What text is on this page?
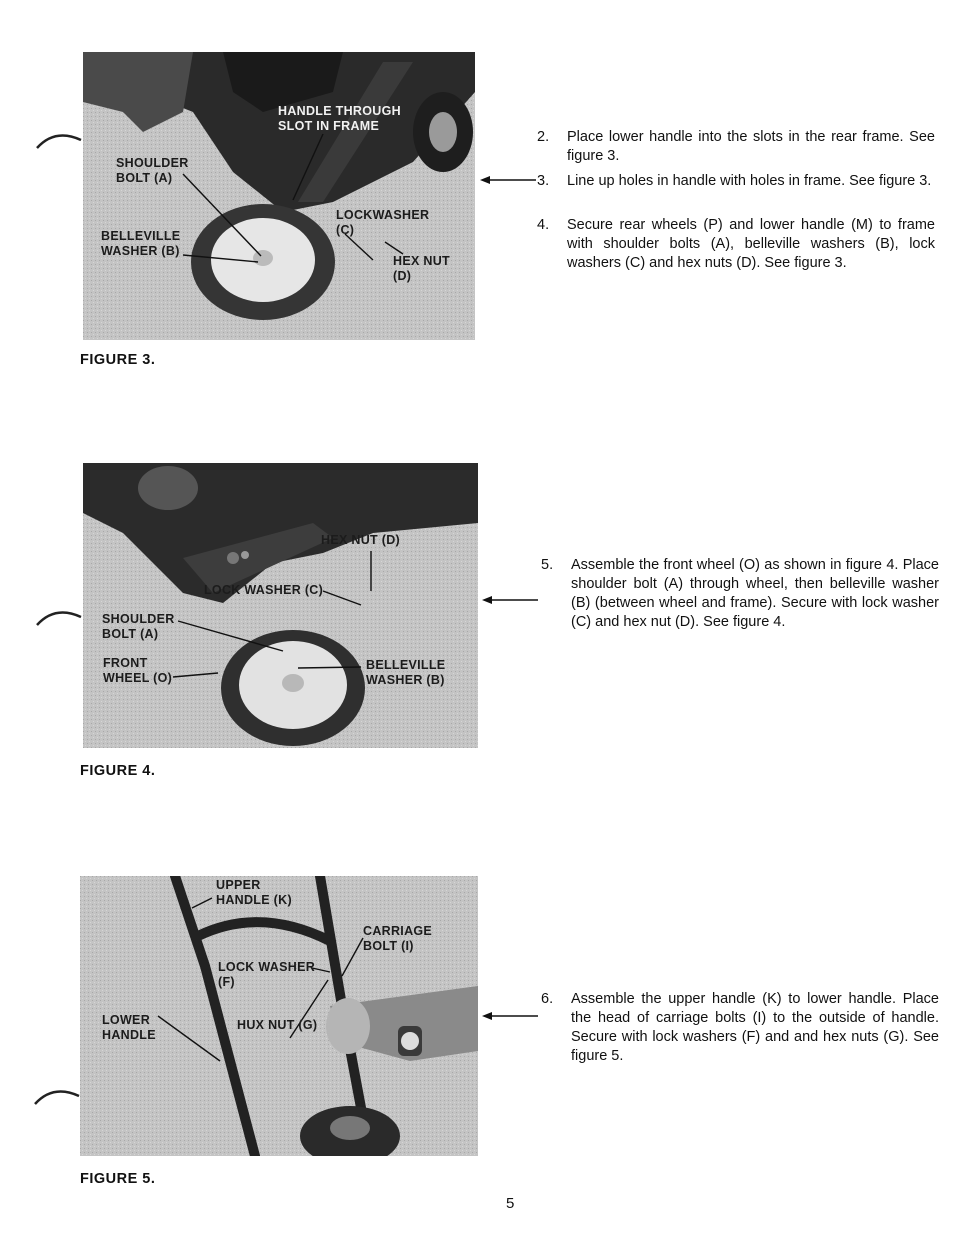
HANDLE THROUGH
SLOT IN FRAME
SHOULDER
BOLT (A)
BELLEVILLE
WASHER (B)
LOCKWASHER
(C)
HEX NUT
(D)
FIGURE 3.
HEX NUT (D)
LOCK WASHER (C)
SHOULDER
BOLT (A)
FRONT
WHEEL (O)
BELLEVILLE
WASHER (B)
FIGURE 4.
UPPER
HANDLE (K)
CARRIAGE
BOLT (I)
LOCK WASHER
(F)
LOWER
HANDLE
HUX NUT (G)
FIGURE 5.
2. Place lower handle into the slots in the rear frame. See figure 3.
3. Line up holes in handle with holes in frame. See figure 3.
4. Secure rear wheels (P) and lower handle (M) to frame with shoulder bolts (A), belleville washers (B), lock washers (C) and hex nuts (D). See figure 3.
5. Assemble the front wheel (O) as shown in figure 4. Place shoulder bolt (A) through wheel, then belleville washer (B) (between wheel and frame). Secure with lock washer (C) and hex nut (D). See figure 4.
6. Assemble the upper handle (K) to lower handle. Place the head of carriage bolts (I) to the outside of handle. Secure with lock washers (F) and and hex nuts (G). See figure 5.
5
